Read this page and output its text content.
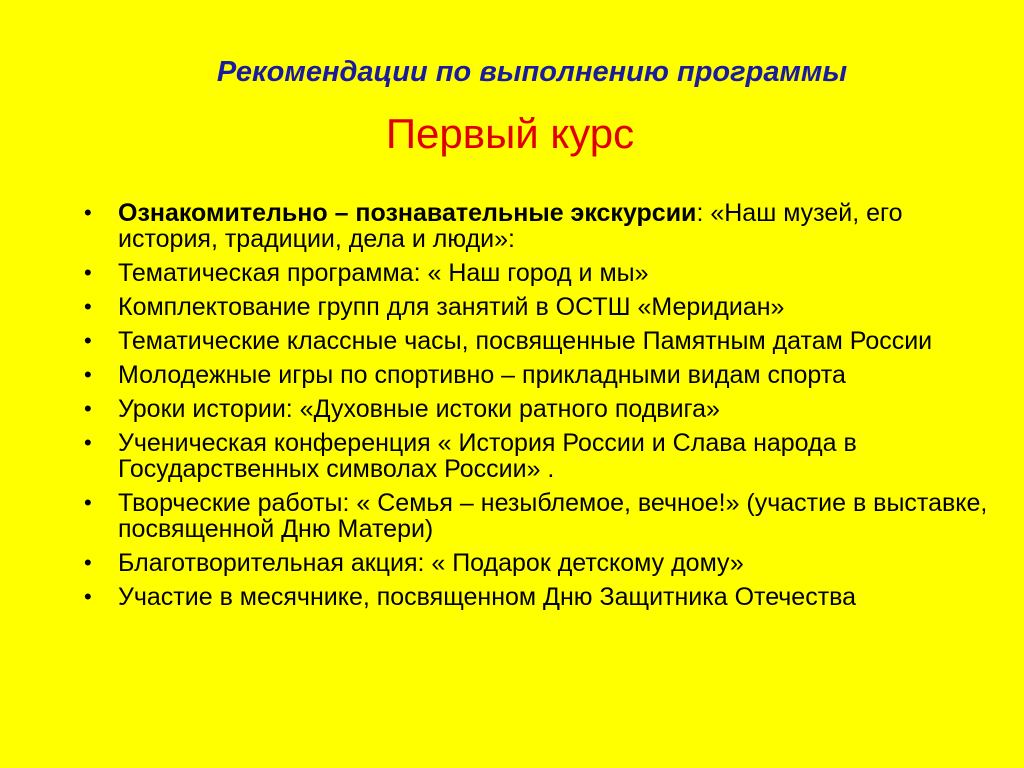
Рекомендации по выполнению программы
Первый курс
• Ознакомительно – познавательные экскурсии: «Наш музей, его история, традиции, дела и люди»:
• Тематическая программа: « Наш город и мы»
• Комплектование групп для занятий в ОСТШ «Меридиан»
• Тематические классные часы, посвященные Памятным датам России
• Молодежные игры по спортивно – прикладными видам спорта
• Уроки истории: «Духовные истоки ратного подвига»
• Ученическая конференция « История России и Слава народа в Государственных символах России» .
• Творческие работы: « Семья – незыблемое, вечное!» (участие в выставке, посвященной Дню Матери)
• Благотворительная акция: « Подарок детскому дому»
• Участие в месячнике, посвященном Дню Защитника Отечества
